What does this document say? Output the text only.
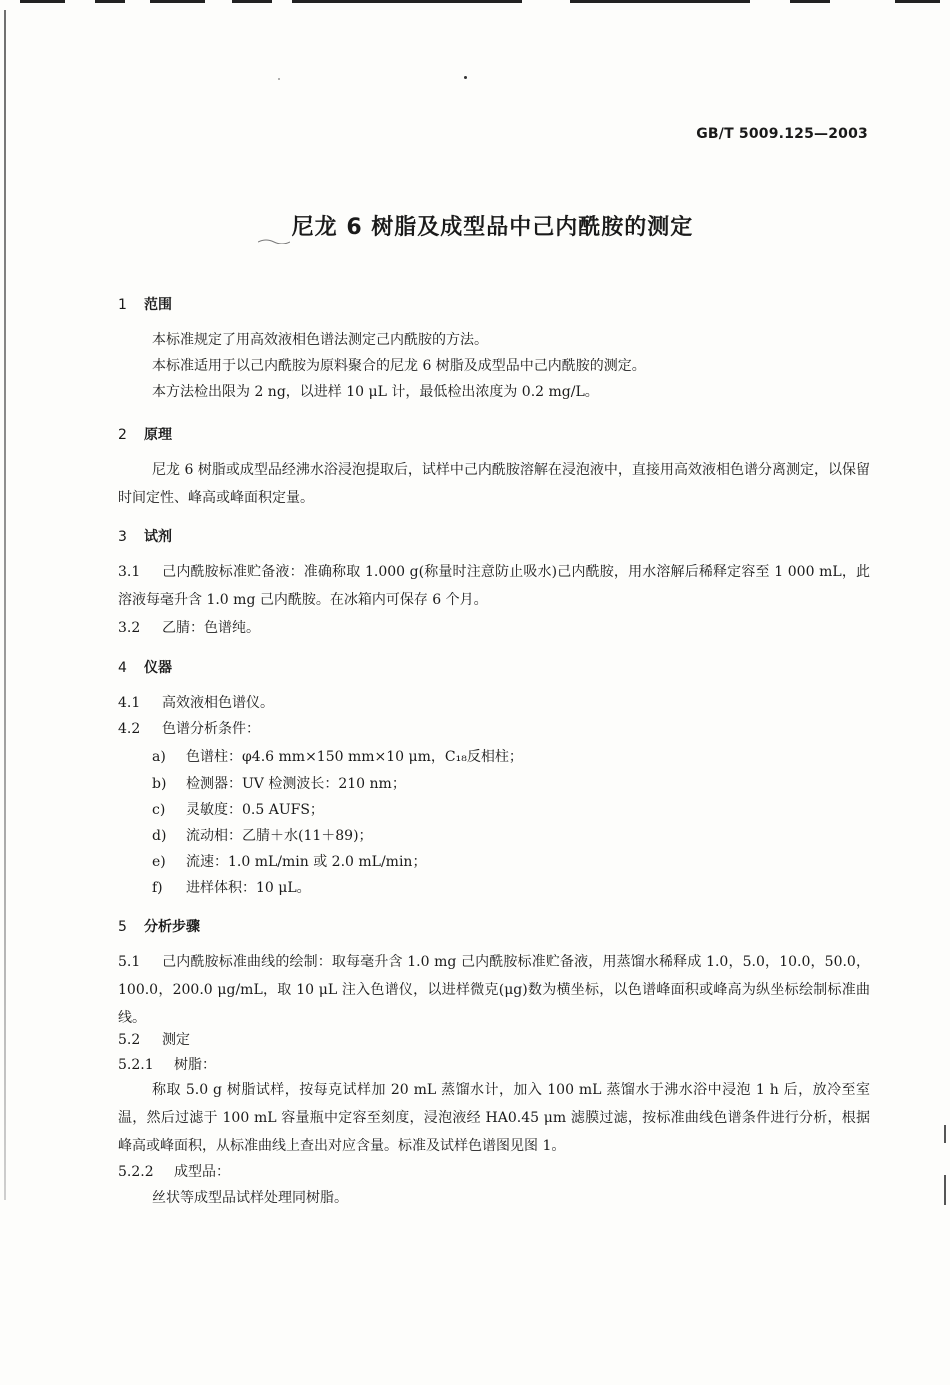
GB/T 5009.125—2003
尼龙 6 树脂及成型品中己内酰胺的测定
1 范围
本标准规定了用高效液相色谱法测定己内酰胺的方法。
本标准适用于以己内酰胺为原料聚合的尼龙 6 树脂及成型品中己内酰胺的测定。
本方法检出限为 2 ng，以进样 10 μL 计，最低检出浓度为 0.2 mg/L。
2 原理
尼龙 6 树脂或成型品经沸水浴浸泡提取后，试样中己内酰胺溶解在浸泡液中，直接用高效液相色谱分离测定，以保留时间定性、峰高或峰面积定量。
3 试剂
3.1 己内酰胺标准贮备液：准确称取 1.000 g(称量时注意防止吸水)己内酰胺，用水溶解后稀释定容至 1 000 mL，此溶液每毫升含 1.0 mg 己内酰胺。在冰箱内可保存 6 个月。
3.2 乙腈：色谱纯。
4 仪器
4.1 高效液相色谱仪。
4.2 色谱分析条件：
a) 色谱柱：φ4.6 mm×150 mm×10 μm，C₁₈反相柱；
b) 检测器：UV 检测波长：210 nm；
c) 灵敏度：0.5 AUFS；
d) 流动相：乙腈＋水(11＋89)；
e) 流速：1.0 mL/min 或 2.0 mL/min；
f) 进样体积：10 μL。
5 分析步骤
5.1 己内酰胺标准曲线的绘制：取每毫升含 1.0 mg 己内酰胺标准贮备液，用蒸馏水稀释成 1.0，5.0，10.0，50.0，100.0，200.0 μg/mL，取 10 μL 注入色谱仪，以进样微克(μg)数为横坐标，以色谱峰面积或峰高为纵坐标绘制标准曲线。
5.2 测定
5.2.1 树脂：
称取 5.0 g 树脂试样，按每克试样加 20 mL 蒸馏水计，加入 100 mL 蒸馏水于沸水浴中浸泡 1 h 后，放冷至室温，然后过滤于 100 mL 容量瓶中定容至刻度，浸泡液经 HA0.45 μm 滤膜过滤，按标准曲线色谱条件进行分析，根据峰高或峰面积，从标准曲线上查出对应含量。标准及试样色谱图见图 1。
5.2.2 成型品：
丝状等成型品试样处理同树脂。
